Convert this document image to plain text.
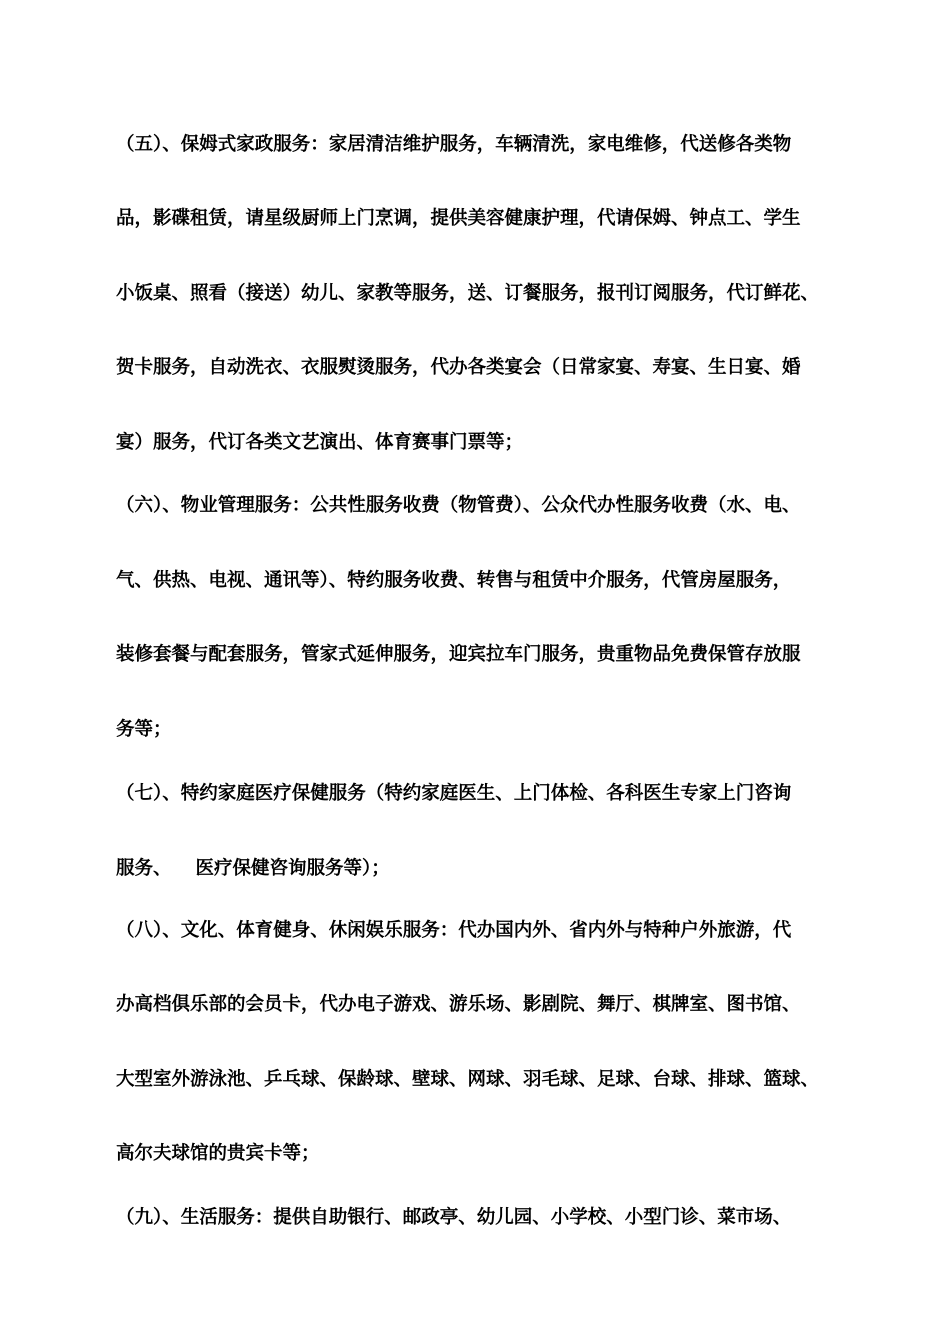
（五）、保姆式家政服务：家居清洁维护服务，车辆清洗，家电维修，代送修各类物
品，影碟租赁，请星级厨师上门烹调，提供美容健康护理，代请保姆、钟点工、学生
小饭桌、照看（接送）幼儿、家教等服务，送、订餐服务，报刊订阅服务，代订鲜花、
贺卡服务，自动洗衣、衣服熨烫服务，代办各类宴会（日常家宴、寿宴、生日宴、婚
宴）服务，代订各类文艺演出、体育赛事门票等；
（六）、物业管理服务：公共性服务收费（物管费）、公众代办性服务收费（水、电、
气、供热、电视、通讯等）、特约服务收费、转售与租赁中介服务，代管房屋服务，
装修套餐与配套服务，管家式延伸服务，迎宾拉车门服务，贵重物品免费保管存放服
务等；
（七）、特约家庭医疗保健服务（特约家庭医生、上门体检、各科医生专家上门咨询
服务、 医疗保健咨询服务等）；
（八）、文化、体育健身、休闲娱乐服务：代办国内外、省内外与特种户外旅游，代
办高档俱乐部的会员卡，代办电子游戏、游乐场、影剧院、舞厅、棋牌室、图书馆、
大型室外游泳池、乒乓球、保龄球、壁球、网球、羽毛球、足球、台球、排球、篮球、
高尔夫球馆的贵宾卡等；
（九）、生活服务：提供自助银行、邮政亭、幼儿园、小学校、小型门诊、菜市场、
